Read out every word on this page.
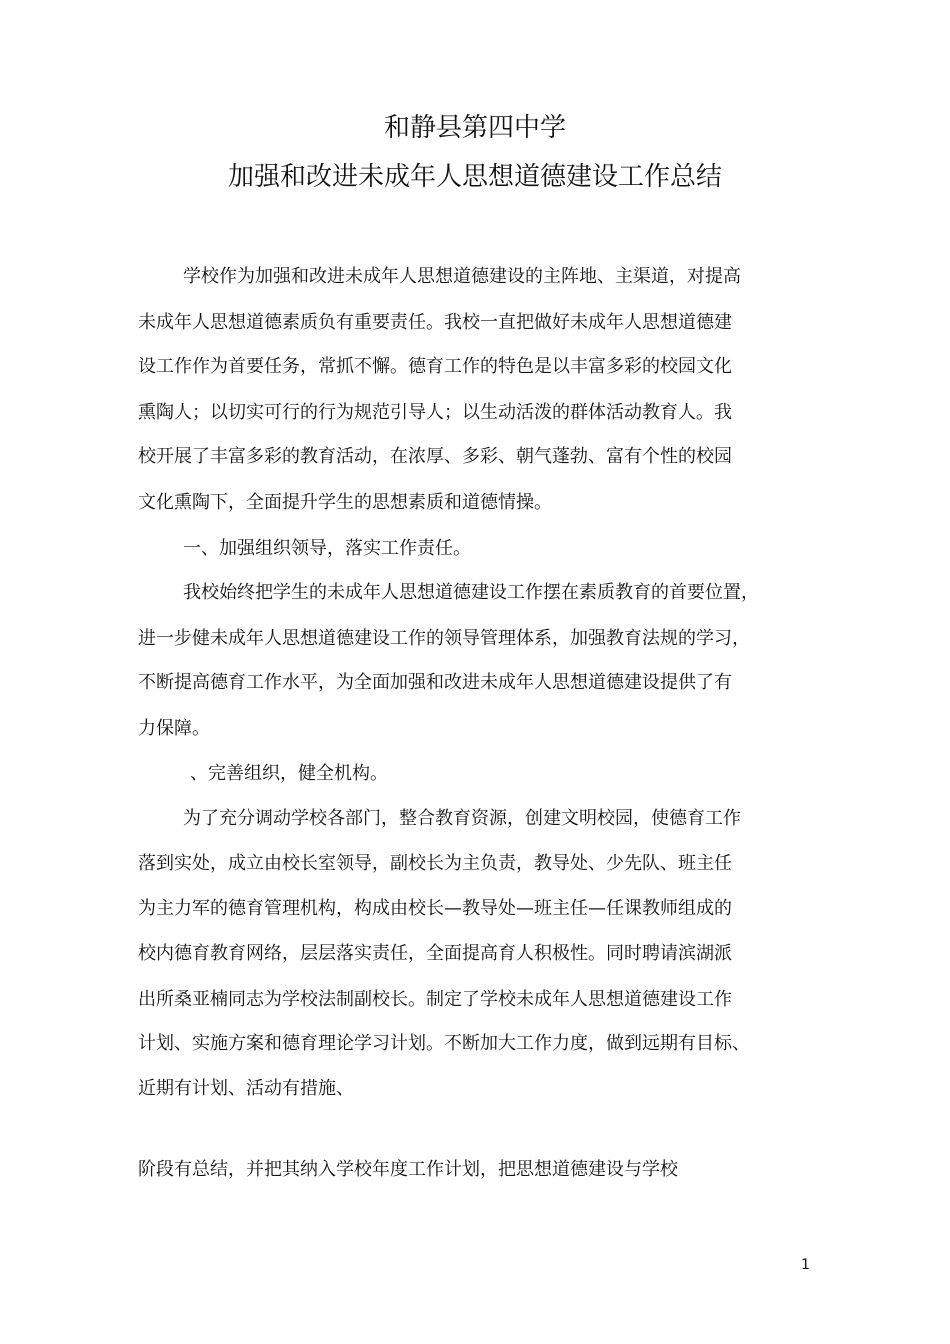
和静县第四中学
加强和改进未成年人思想道德建设工作总结

学校作为加强和改进未成年人思想道德建设的主阵地、主渠道，对提高

未成年人思想道德素质负有重要责任。我校一直把做好未成年人思想道德建

设工作作为首要任务，常抓不懈。德育工作的特色是以丰富多彩的校园文化

熏陶人；以切实可行的行为规范引导人；以生动活泼的群体活动教育人。我

校开展了丰富多彩的教育活动，在浓厚、多彩、朝气蓬勃、富有个性的校园

文化熏陶下，全面提升学生的思想素质和道德情操。

一、加强组织领导，落实工作责任。

我校始终把学生的未成年人思想道德建设工作摆在素质教育的首要位置，

进一步健未成年人思想道德建设工作的领导管理体系，加强教育法规的学习，

不断提高德育工作水平，为全面加强和改进未成年人思想道德建设提供了有

力保障。

、完善组织，健全机构。

为了充分调动学校各部门，整合教育资源，创建文明校园，使德育工作

落到实处，成立由校长室领导，副校长为主负责，教导处、少先队、班主任

为主力军的德育管理机构，构成由校长—教导处—班主任—任课教师组成的

校内德育教育网络，层层落实责任，全面提高育人积极性。同时聘请滨湖派

出所桑亚楠同志为学校法制副校长。制定了学校未成年人思想道德建设工作

计划、实施方案和德育理论学习计划。不断加大工作力度，做到远期有目标、

近期有计划、活动有措施、

阶段有总结，并把其纳入学校年度工作计划，把思想道德建设与学校

1
